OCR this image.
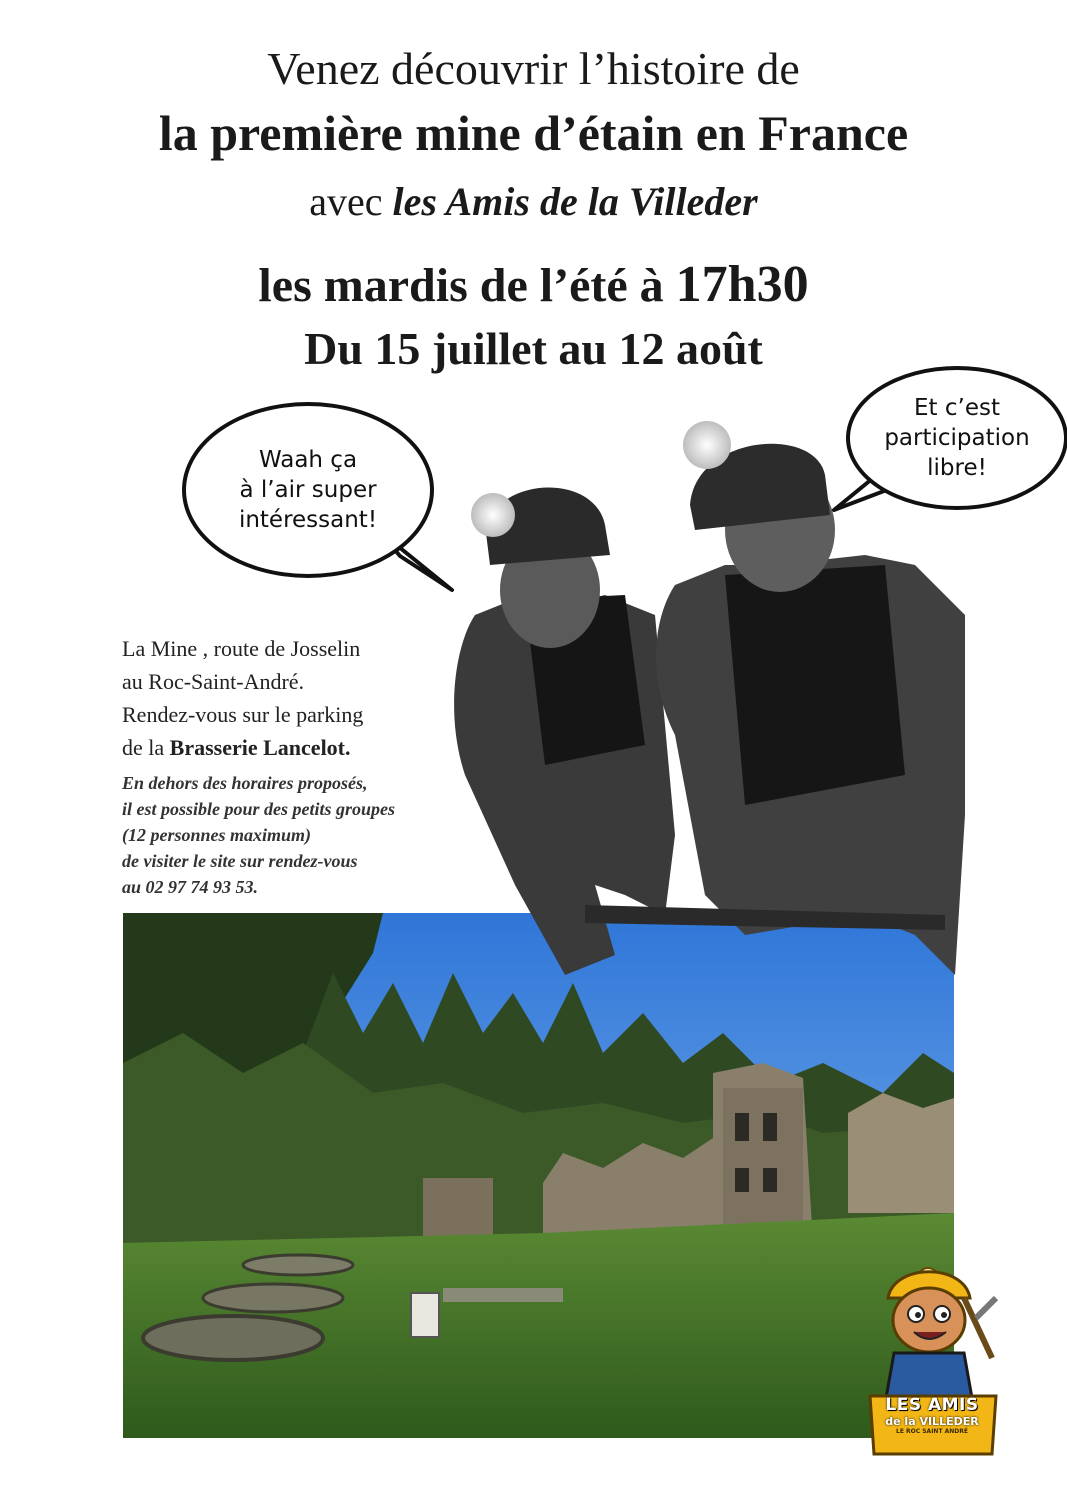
Venez découvrir l’histoire de
la première mine d’étain en France
avec les Amis de la Villeder
les mardis de l’été à 17h30
Du 15 juillet au 12 août
Waah ça
à l’air super
intéressant!
Et c’est
participation
libre!
La Mine , route de Josselin
au Roc-Saint-André.
Rendez-vous sur le parking
de la Brasserie Lancelot.
En dehors des horaires proposés,
il est possible pour des petits groupes
(12 personnes maximum)
de visiter le site sur rendez-vous
au 02 97 74 93 53.
LES AMIS
de la VILLEDER
LE ROC SAINT ANDRÉ
